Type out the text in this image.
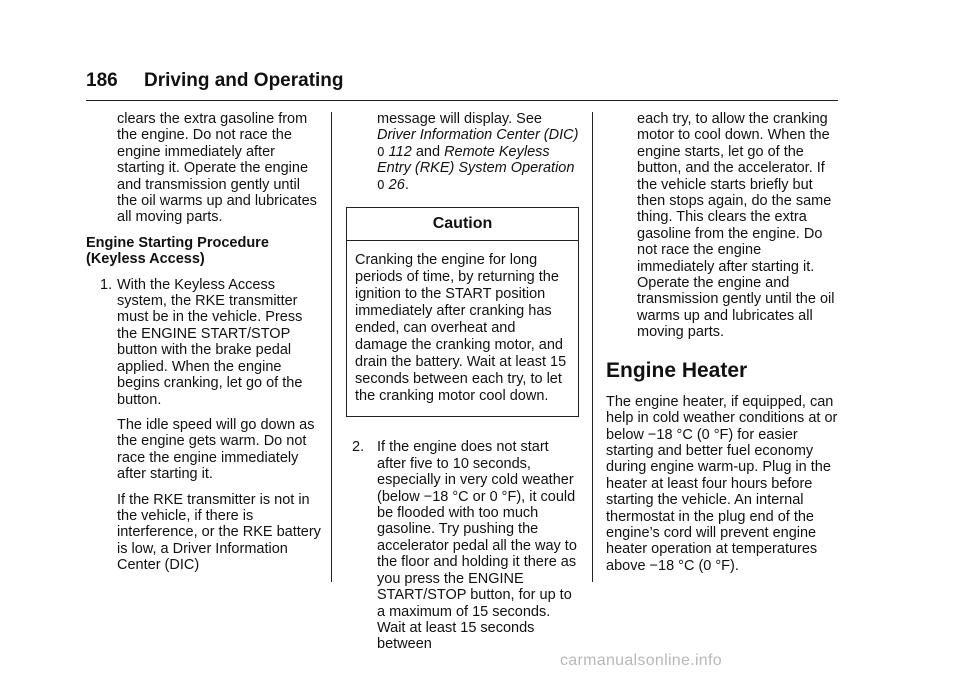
186 Driving and Operating

clears the extra gasoline from the engine. Do not race the engine immediately after starting it. Operate the engine and transmission gently until the oil warms up and lubricates all moving parts.

Engine Starting Procedure (Keyless Access)

1. With the Keyless Access system, the RKE transmitter must be in the vehicle. Press the ENGINE START/STOP button with the brake pedal applied. When the engine begins cranking, let go of the button.

The idle speed will go down as the engine gets warm. Do not race the engine immediately after starting it.

If the RKE transmitter is not in the vehicle, if there is interference, or the RKE battery is low, a Driver Information Center (DIC)

message will display. See Driver Information Center (DIC)
0 112 and Remote Keyless Entry (RKE) System Operation
0 26.

Caution
Cranking the engine for long periods of time, by returning the ignition to the START position immediately after cranking has ended, can overheat and damage the cranking motor, and drain the battery. Wait at least 15 seconds between each try, to let the cranking motor cool down.

2. If the engine does not start after five to 10 seconds, especially in very cold weather (below −18 °C or 0 °F), it could be flooded with too much gasoline. Try pushing the accelerator pedal all the way to the floor and holding it there as you press the ENGINE START/STOP button, for up to a maximum of 15 seconds. Wait at least 15 seconds between

each try, to allow the cranking motor to cool down. When the engine starts, let go of the button, and the accelerator. If the vehicle starts briefly but then stops again, do the same thing. This clears the extra gasoline from the engine. Do not race the engine immediately after starting it. Operate the engine and transmission gently until the oil warms up and lubricates all moving parts.

Engine Heater

The engine heater, if equipped, can help in cold weather conditions at or below −18 °C (0 °F) for easier starting and better fuel economy during engine warm-up. Plug in the heater at least four hours before starting the vehicle. An internal thermostat in the plug end of the engine’s cord will prevent engine heater operation at temperatures above −18 °C (0 °F).

carmanualsonline.info
